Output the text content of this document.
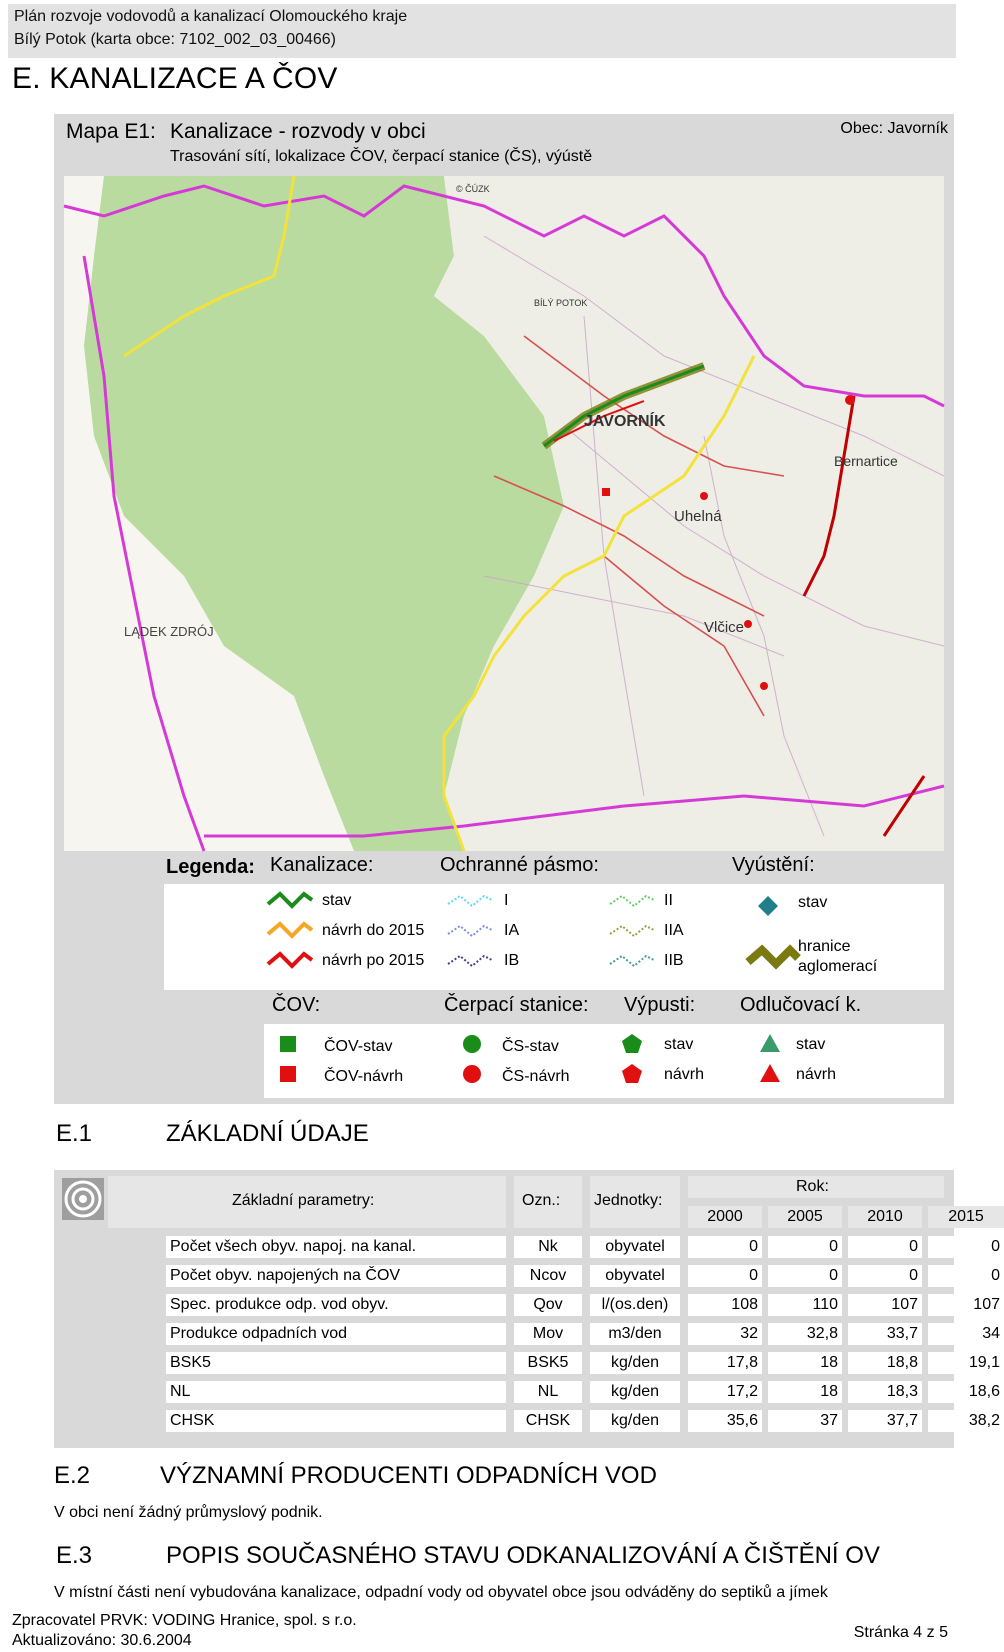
Plán rozvoje vodovodů a kanalizací Olomouckého kraje
Bílý Potok (karta obce: 7102_002_03_00466)
E. KANALIZACE A ČOV
Mapa E1: Kanalizace - rozvody v obci
Trasování sítí, lokalizace ČOV, čerpací stanice (ČS), výústě
Obec: Javorník
© ČÚZK
BÍLÝ POTOK
JAVORNÍK
Uhelná
Vlčice
LĄDEK ZDRÓJ
Bernartice
Legenda: Kanalizace:	Ochranné pásmo:	Vyústění:
stav
návrh do 2015
návrh po 2015
I
IA
IB
II
IIA
IIB
stav
hranice
aglomerací
ČOV:	Čerpací stanice: Výpusti: Odlučovací k.
ČOV-stav
ČOV-návrh
ČS-stav
ČS-návrh
stav
návrh
stav
návrh
E.1	ZÁKLADNÍ ÚDAJE
Základní parametry:	Ozn.: Jednotky:
Rok:
2000	2005	2010	2015
Počet všech obyv. napoj. na kanal.	Nk	obyvatel	0	0	0	0
Počet obyv. napojených na ČOV	Ncov	obyvatel	0	0	0	0
Spec. produkce odp. vod obyv.	Qov	l/(os.den)	108	110	107	107
Produkce odpadních vod	Mov	m3/den	32	32,8	33,7	34
BSK5	BSK5	kg/den	17,8	18	18,8	19,1
NL	NL	kg/den	17,2	18	18,3	18,6
CHSK	CHSK	kg/den	35,6	37	37,7	38,2
E.2	VÝZNAMNÍ PRODUCENTI ODPADNÍCH VOD
V obci není žádný průmyslový podnik.
E.3	POPIS SOUČASNÉHO STAVU ODKANALIZOVÁNÍ A ČIŠTĚNÍ OV
V místní části není vybudována kanalizace, odpadní vody od obyvatel obce jsou odváděny do septiků a jímek
Zpracovatel PRVK: VODING Hranice, spol. s r.o.
Aktualizováno: 30.6.2004	Stránka 4 z 5
